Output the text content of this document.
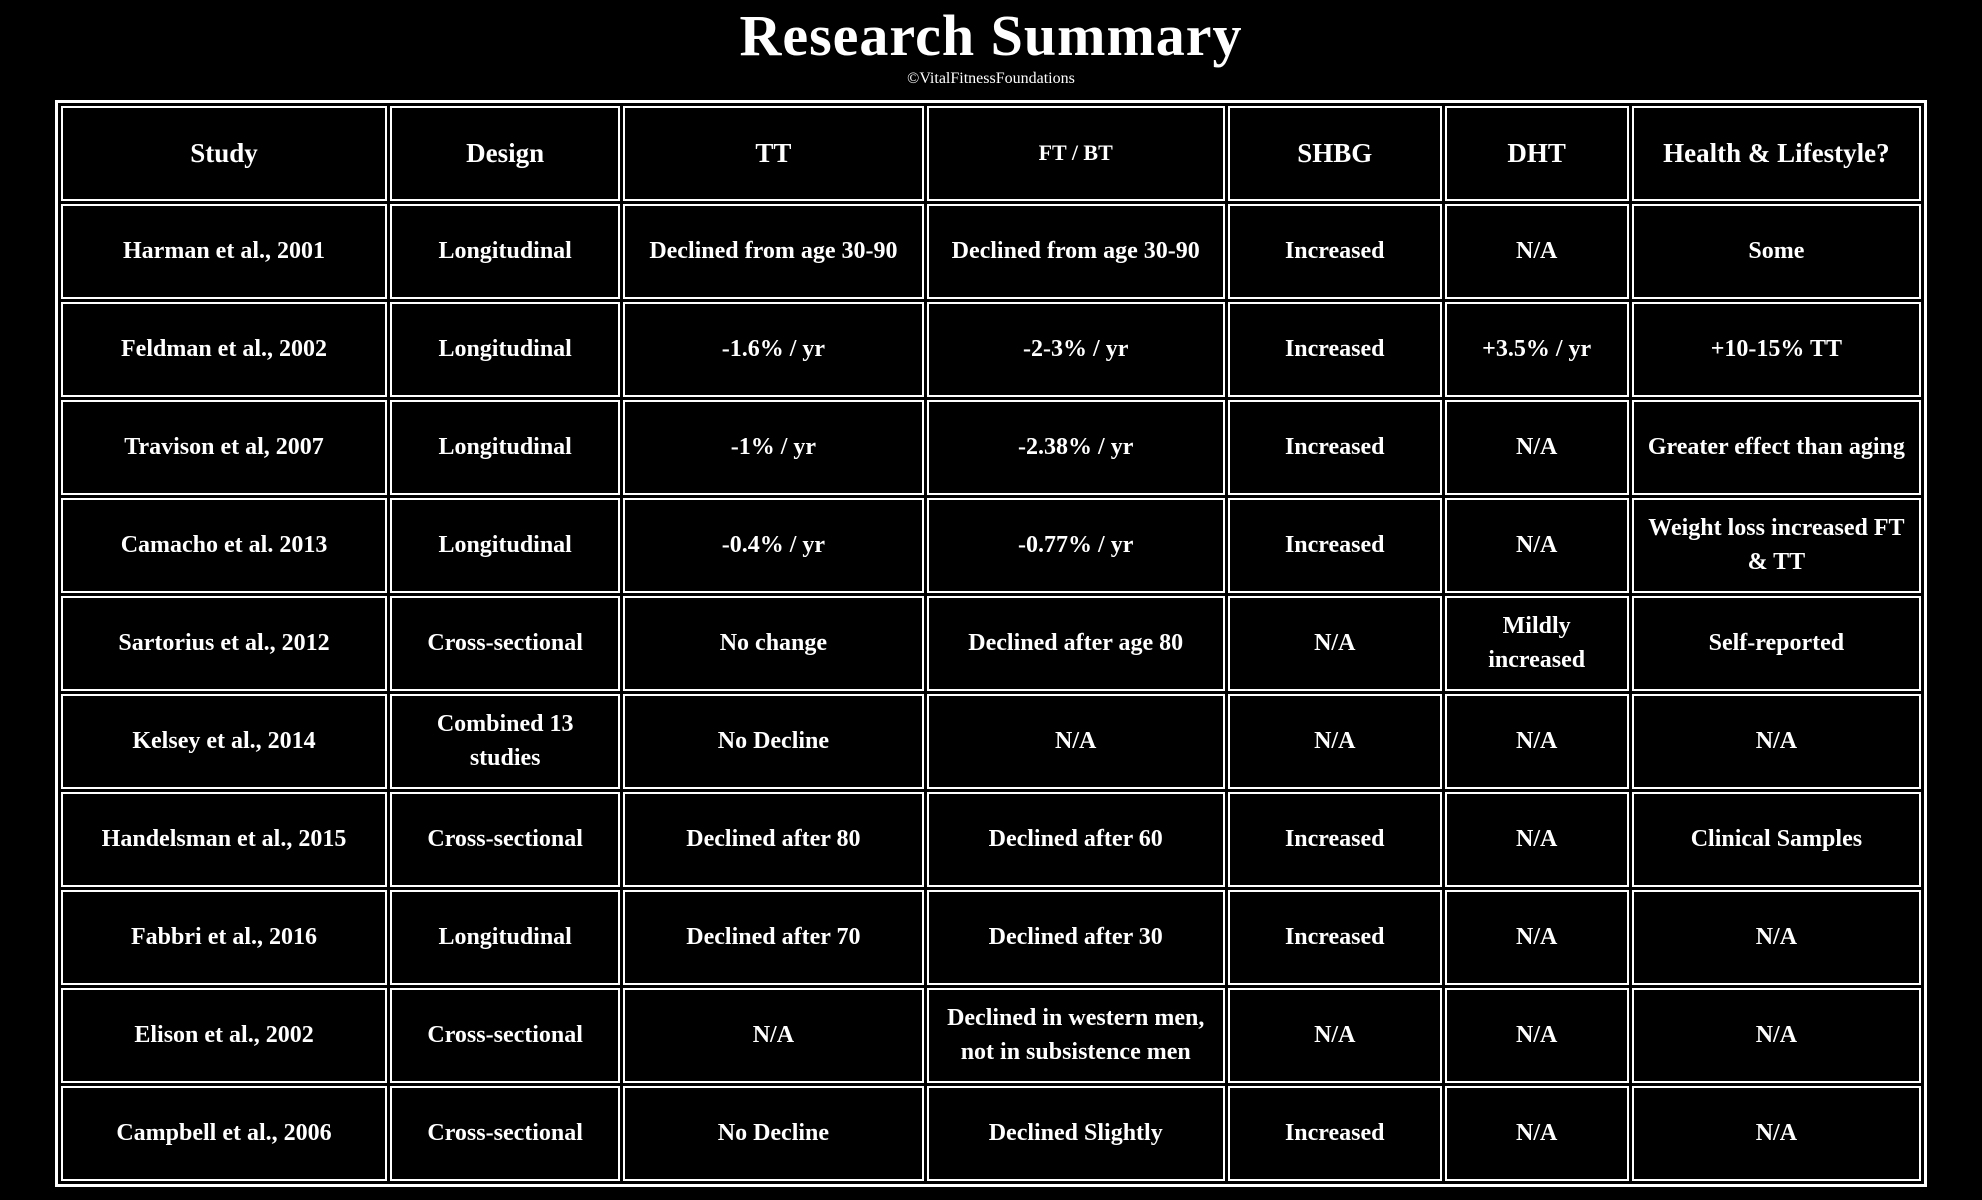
Research Summary
©VitalFitnessFoundations
Study	Design	TT	FT / BT	SHBG	DHT	Health & Lifestyle?
Harman et al., 2001	Longitudinal	Declined from age 30-90	Declined from age 30-90	Increased	N/A	Some
Feldman et al., 2002	Longitudinal	-1.6% / yr	-2-3% / yr	Increased	+3.5% / yr	+10-15% TT
Travison et al, 2007	Longitudinal	-1% / yr	-2.38% / yr	Increased	N/A	Greater effect than aging
Camacho et al. 2013	Longitudinal	-0.4% / yr	-0.77% / yr	Increased	N/A	Weight loss increased FT & TT
Sartorius et al., 2012	Cross-sectional	No change	Declined after age 80	N/A	Mildly increased	Self-reported
Kelsey et al., 2014	Combined 13 studies	No Decline	N/A	N/A	N/A	N/A
Handelsman et al., 2015	Cross-sectional	Declined after 80	Declined after 60	Increased	N/A	Clinical Samples
Fabbri et al., 2016	Longitudinal	Declined after 70	Declined after 30	Increased	N/A	N/A
Elison et al., 2002	Cross-sectional	N/A	Declined in western men, not in subsistence men	N/A	N/A	N/A
Campbell et al., 2006	Cross-sectional	No Decline	Declined Slightly	Increased	N/A	N/A
